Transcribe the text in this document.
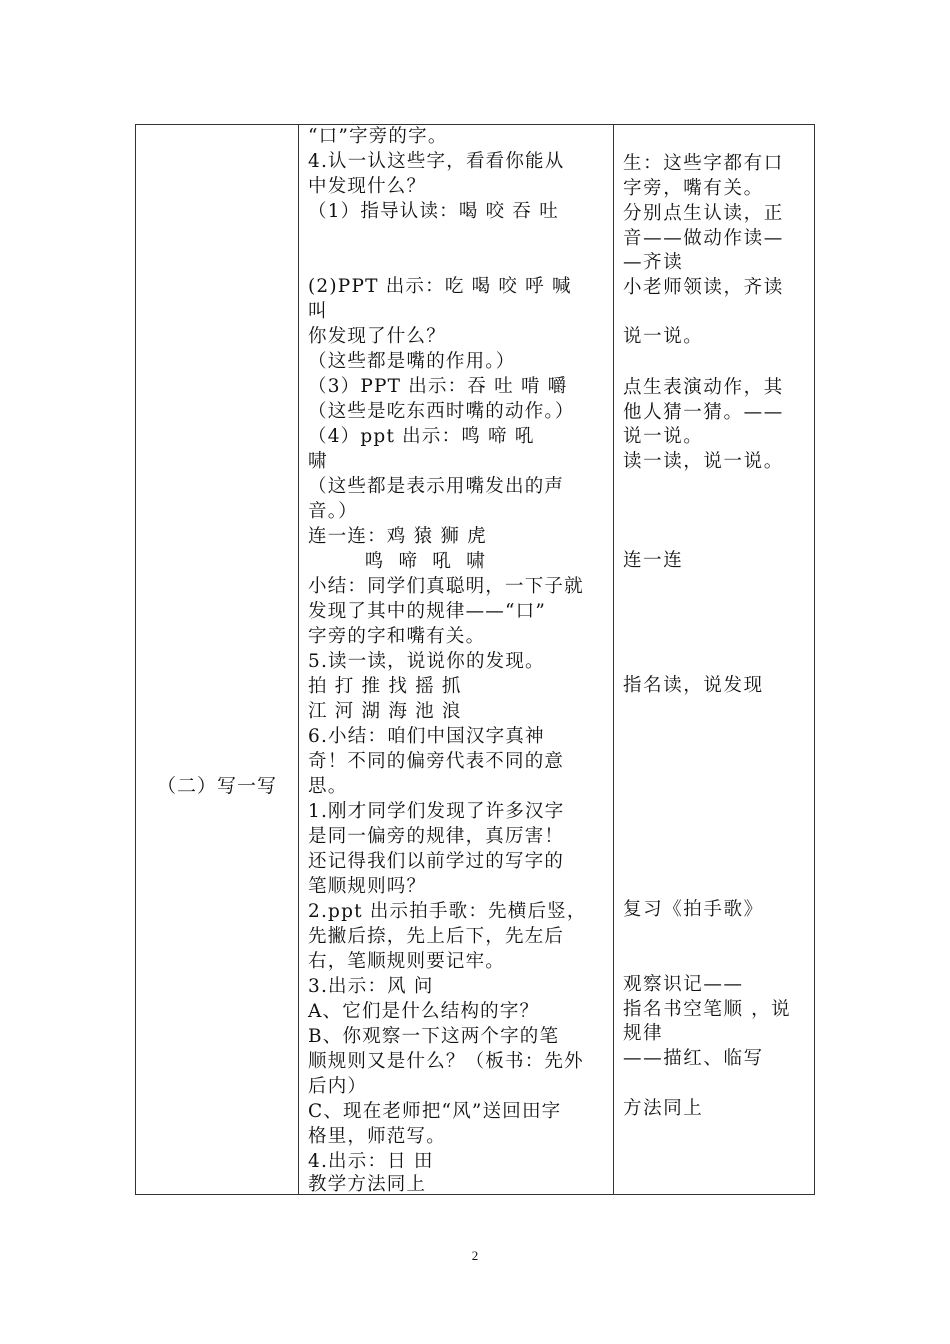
（二）写一写
“口”字旁的字。
4.认一认这些字，看看你能从
中发现什么？
（1）指导认读：喝 咬 吞 吐
(2)PPT 出示：吃 喝 咬 呼 喊
叫
你发现了什么？
（这些都是嘴的作用。）
（3）PPT 出示：吞 吐 啃 嚼
（这些是吃东西时嘴的动作。）
（4）ppt 出示：鸣 啼 吼
啸
（这些都是表示用嘴发出的声
音。）
连一连：鸡 猿 狮 虎
鸣  啼  吼  啸
小结：同学们真聪明，一下子就
发现了其中的规律——“口”
字旁的字和嘴有关。
5.读一读，说说你的发现。
拍 打 推 找 摇 抓
江 河 湖 海 池 浪
6.小结：咱们中国汉字真神
奇！不同的偏旁代表不同的意
思。
1.刚才同学们发现了许多汉字
是同一偏旁的规律，真厉害！
还记得我们以前学过的写字的
笔顺规则吗？
2.ppt 出示拍手歌：先横后竖，
先撇后捺，先上后下，先左后
右，笔顺规则要记牢。
3.出示：风 问
A、它们是什么结构的字？
B、你观察一下这两个字的笔
顺规则又是什么？（板书：先外
后内）
C、现在老师把“风”送回田字
格里，师范写。
4.出示：日 田
教学方法同上
生：这些字都有口
字旁，嘴有关。
分别点生认读，正
音——做动作读—
—齐读
小老师领读，齐读
说一说。
点生表演动作，其
他人猜一猜。——
说一说。
读一读，说一说。
连一连
指名读，说发现
复习《拍手歌》
观察识记——
指名书空笔顺 ，说
规律
——描红、临写
方法同上
2
